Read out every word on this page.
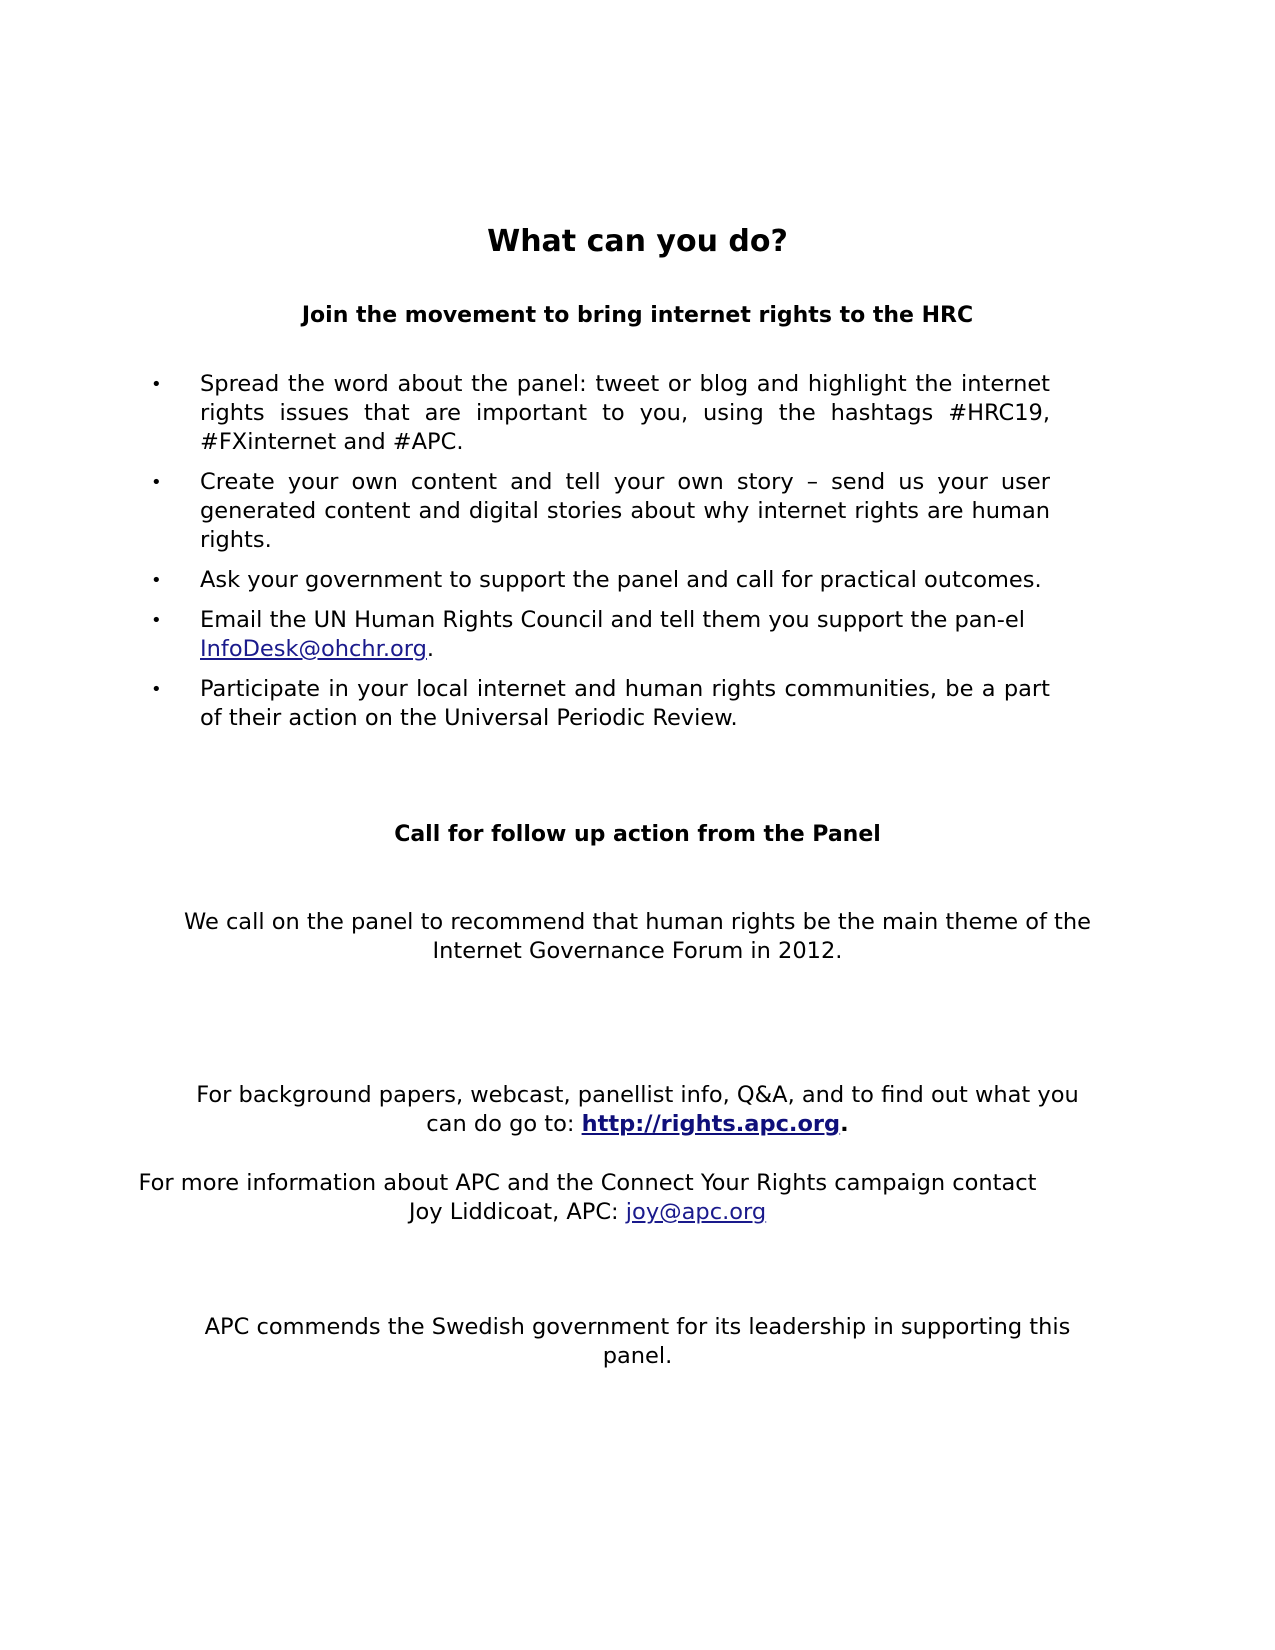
What can you do?
Join the movement to bring internet rights to the HRC
• Spread the word about the panel: tweet or blog and highlight the internet rights issues that are important to you, using the hashtags #HRC19, #FXinternet and #APC.
• Create your own content and tell your own story – send us your user generated content and digital stories about why internet rights are human rights.
• Ask your government to support the panel and call for practical outcomes.
• Email the UN Human Rights Council and tell them you support the pan-el InfoDesk@ohchr.org.
• Participate in your local internet and human rights communities, be a part of their action on the Universal Periodic Review.
Call for follow up action from the Panel
We call on the panel to recommend that human rights be the main theme of the
Internet Governance Forum in 2012.
For background papers, webcast, panellist info, Q&A, and to find out what you
can do go to: http://rights.apc.org.
For more information about APC and the Connect Your Rights campaign contact
Joy Liddicoat, APC: joy@apc.org
APC commends the Swedish government for its leadership in supporting this
panel.
